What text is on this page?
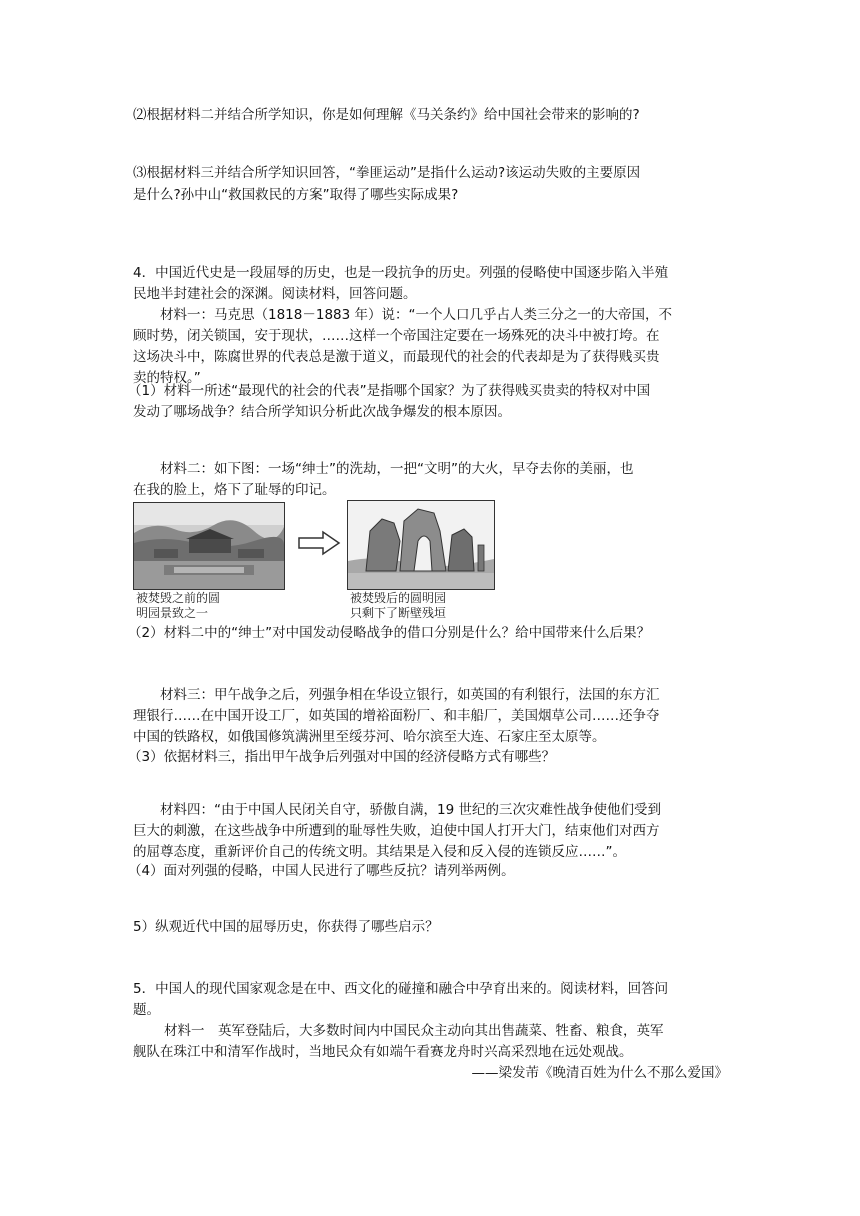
⑵根据材料二并结合所学知识，你是如何理解《马关条约》给中国社会带来的影响的?
⑶根据材料三并结合所学知识回答，“拳匪运动”是指什么运动?该运动失败的主要原因
是什么?孙中山“救国救民的方案”取得了哪些实际成果?
4．中国近代史是一段屈辱的历史，也是一段抗争的历史。列强的侵略使中国逐步陷入半殖
民地半封建社会的深渊。阅读材料，回答问题。
材料一：马克思（1818－1883 年）说：“一个人口几乎占人类三分之一的大帝国，不
顾时势，闭关锁国，安于现状，……这样一个帝国注定要在一场殊死的决斗中被打垮。在
这场决斗中，陈腐世界的代表总是激于道义，而最现代的社会的代表却是为了获得贱买贵
卖的特权。”
（1）材料一所述“最现代的社会的代表”是指哪个国家？为了获得贱买贵卖的特权对中国
发动了哪场战争？结合所学知识分析此次战争爆发的根本原因。
材料二：如下图：一场“绅士”的洗劫，一把“文明”的大火，早夺去你的美丽，也
在我的脸上，烙下了耻辱的印记。
被焚毁之前的圆
明园景致之一
被焚毁后的圆明园
只剩下了断壁残垣
（2）材料二中的“绅士”对中国发动侵略战争的借口分别是什么？给中国带来什么后果？
材料三：甲午战争之后，列强争相在华设立银行，如英国的有利银行，法国的东方汇
理银行……在中国开设工厂，如英国的增裕面粉厂、和丰船厂，美国烟草公司……还争夺
中国的铁路权，如俄国修筑满洲里至绥芬河、哈尔滨至大连、石家庄至太原等。
（3）依据材料三，指出甲午战争后列强对中国的经济侵略方式有哪些？
材料四：“由于中国人民闭关自守，骄傲自满，19 世纪的三次灾难性战争使他们受到
巨大的刺激，在这些战争中所遭到的耻辱性失败，迫使中国人打开大门，结束他们对西方
的屈尊态度，重新评价自己的传统文明。其结果是入侵和反入侵的连锁反应……”。
（4）面对列强的侵略，中国人民进行了哪些反抗？请列举两例。
5）纵观近代中国的屈辱历史，你获得了哪些启示？
5．中国人的现代国家观念是在中、西文化的碰撞和融合中孕育出来的。阅读材料，回答问
题。
材料一　英军登陆后，大多数时间内中国民众主动向其出售蔬菜、牲畜、粮食，英军
舰队在珠江中和清军作战时，当地民众有如端午看赛龙舟时兴高采烈地在远处观战。
——梁发芾《晚清百姓为什么不那么爱国》
